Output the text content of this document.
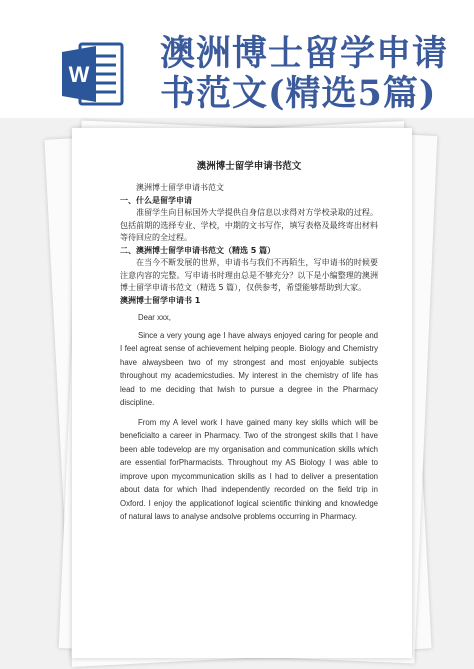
W
澳洲博士留学申请
书范文(精选5篇)
澳洲博士留学申请书范文
澳洲博士留学申请书范文
一、什么是留学申请
准留学生向目标国外大学提供自身信息以求得对方学校录取的过程。包括前期的选择专业、学校，中期的文书写作，填写表格及最终寄出材料等待回应的全过程。
二、澳洲博士留学申请书范文（精选 5 篇）
在当今不断发展的世界，申请书与我们不再陌生，写申请书的时候要注意内容的完整。写申请书时理由总是不够充分？以下是小编整理的澳洲博士留学申请书范文（精选 5 篇），仅供参考，希望能够帮助到大家。
澳洲博士留学申请书 1
Dear xxx,
Since a very young age I have always enjoyed caring for people and I feel agreat sense of achievement helping people. Biology and Chemistry have alwaysbeen two of my strongest and most enjoyable subjects throughout my academicstudies. My interest in the chemistry of life has lead to me deciding that Iwish to pursue a degree in the Pharmacy discipline.
From my A level work I have gained many key skills which will be beneficialto a career in Pharmacy. Two of the strongest skills that I have been able todevelop are my organisation and communication skills which are essential forPharmacists. Throughout my AS Biology I was able to improve upon mycommunication skills as I had to deliver a presentation about data for which Ihad independently recorded on the field trip in Oxford. I enjoy the applicationof logical scientific thinking and knowledge of natural laws to analyse andsolve problems occurring in Pharmacy.
